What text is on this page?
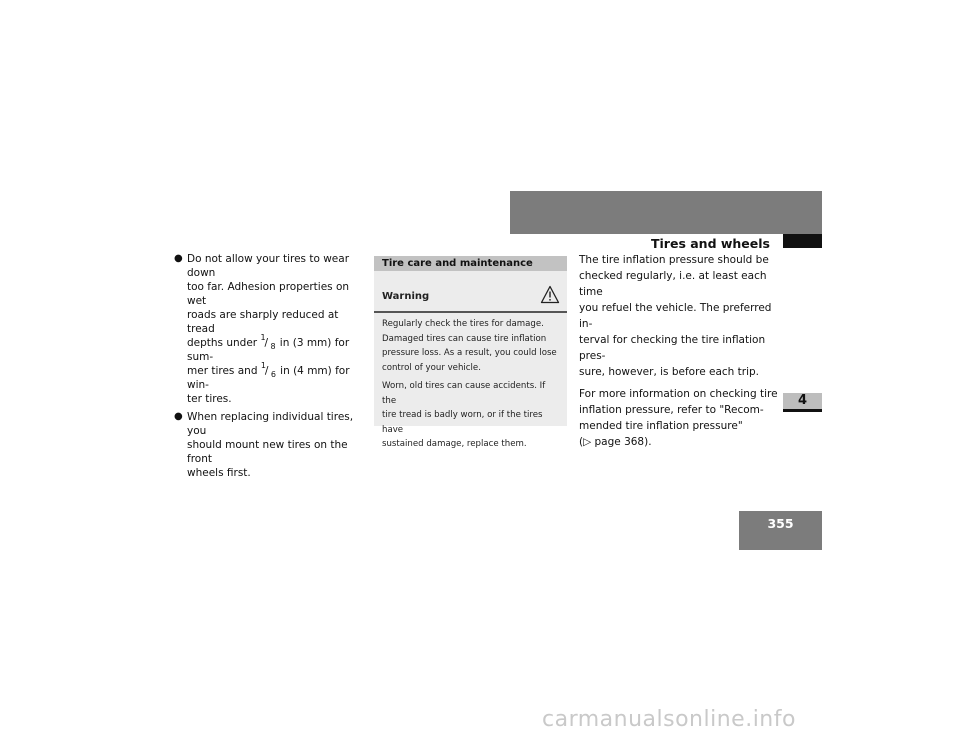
Operation
Tires and wheels
4
355
● Do not allow your tires to wear down
too far. Adhesion properties on wet
roads are sharply reduced at tread
depths under 1
/ 8 in (3 mm) for sum-
mer tires and 1
/ 6 in (4 mm) for win-
ter tires.
● When replacing individual tires, you
should mount new tires on the front
wheels first.
Tire care and maintenance
Warning

Regularly check the tires for damage.
Damaged tires can cause tire inflation
pressure loss. As a result, you could lose
control of your vehicle.

Worn, old tires can cause accidents. If the
tire tread is badly worn, or if the tires have
sustained damage, replace them.

The tire inflation pressure should be
checked regularly, i.e. at least each time
you refuel the vehicle. The preferred in-
terval for checking the tire inflation pres-
sure, however, is before each trip.

For more information on checking tire
inflation pressure, refer to "Recom-
mended tire inflation pressure"
(▷ page 368).

carmanualsonline.info
